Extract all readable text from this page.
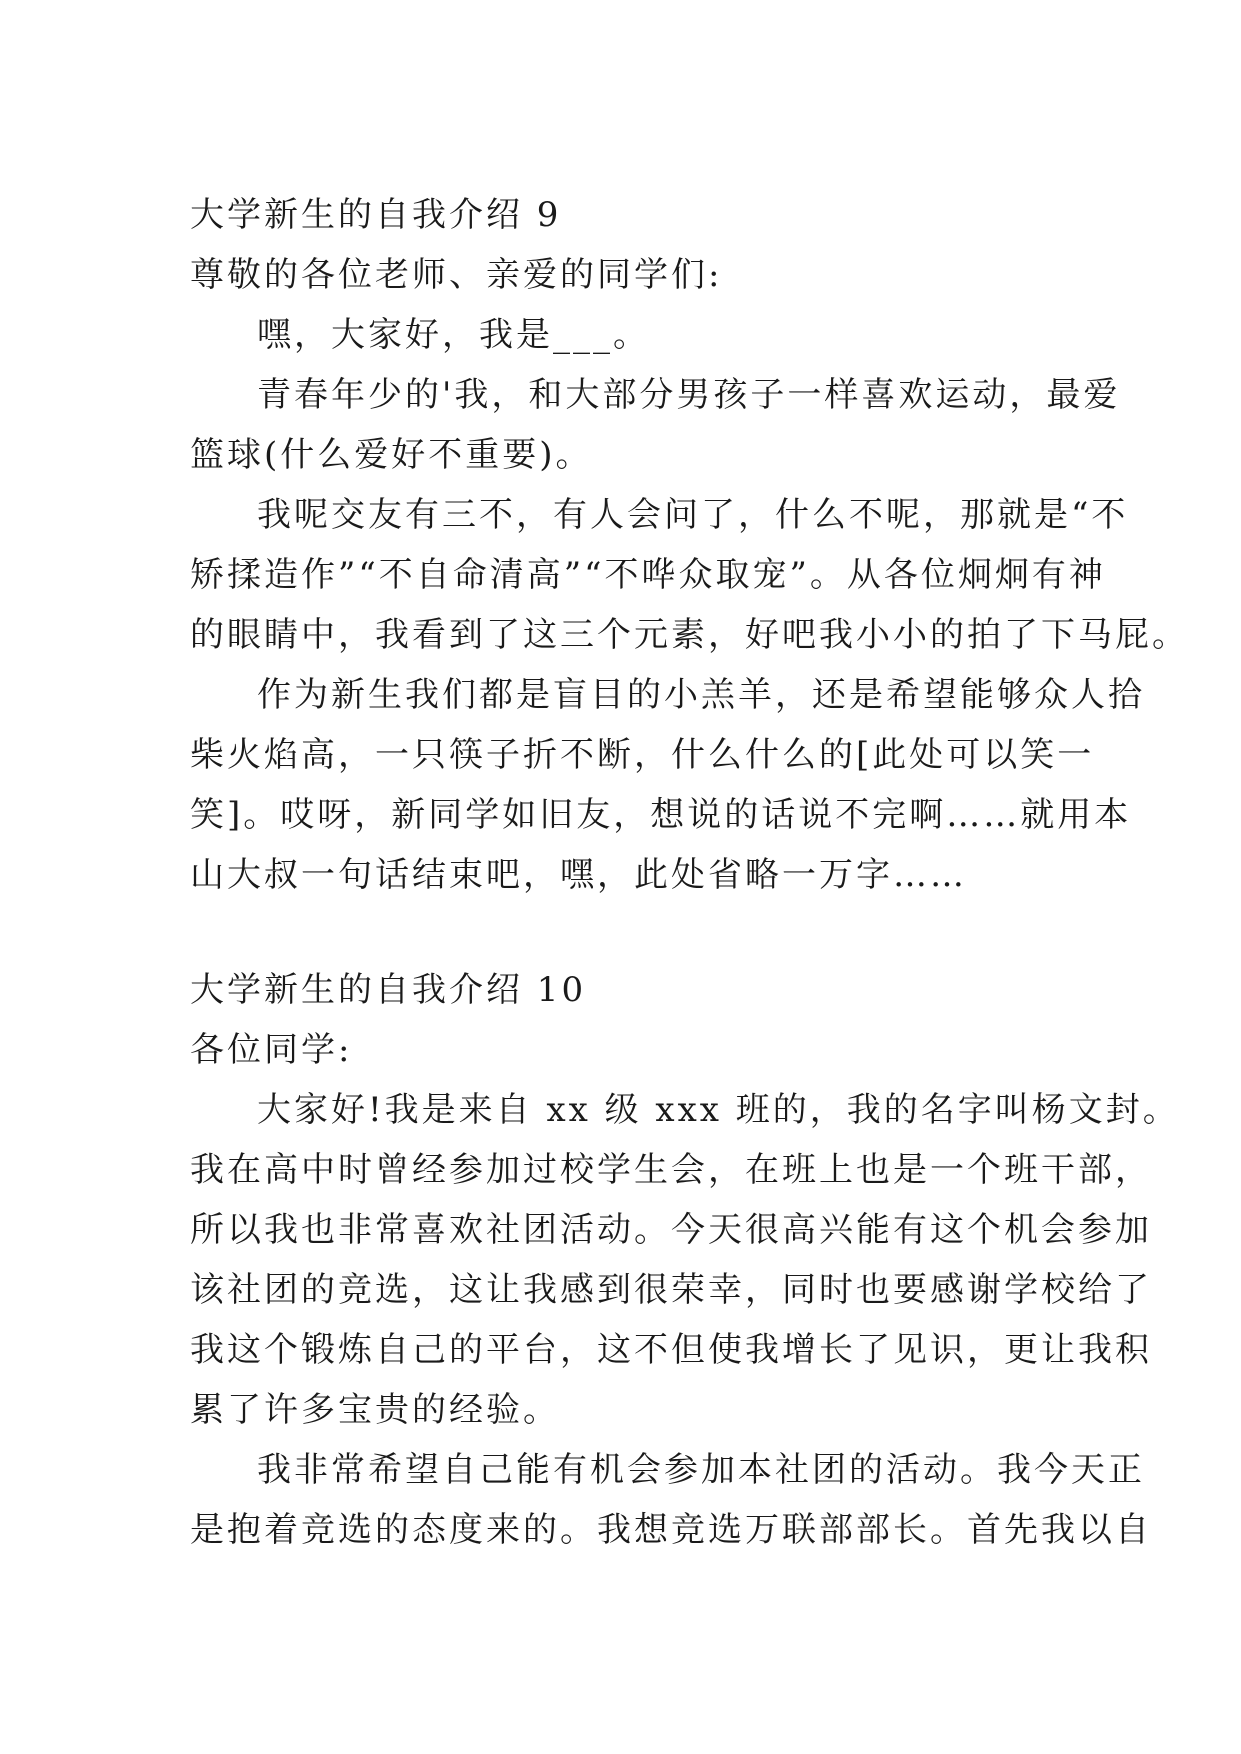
大学新生的自我介绍 9
尊敬的各位老师、亲爱的同学们:
嘿，大家好，我是___。
青春年少的'我，和大部分男孩子一样喜欢运动，最爱
篮球(什么爱好不重要)。
我呢交友有三不，有人会问了，什么不呢，那就是“不
矫揉造作”“不自命清高”“不哗众取宠”。从各位炯炯有神
的眼睛中，我看到了这三个元素，好吧我小小的拍了下马屁。
作为新生我们都是盲目的小羔羊，还是希望能够众人拾
柴火焰高，一只筷子折不断，什么什么的[此处可以笑一
笑]。哎呀，新同学如旧友，想说的话说不完啊……就用本
山大叔一句话结束吧，嘿，此处省略一万字……
大学新生的自我介绍 10
各位同学:
大家好!我是来自 xx 级 xxx 班的，我的名字叫杨文封。
我在高中时曾经参加过校学生会，在班上也是一个班干部，
所以我也非常喜欢社团活动。今天很高兴能有这个机会参加
该社团的竞选，这让我感到很荣幸，同时也要感谢学校给了
我这个锻炼自己的平台，这不但使我增长了见识，更让我积
累了许多宝贵的经验。
我非常希望自己能有机会参加本社团的活动。我今天正
是抱着竞选的态度来的。我想竞选万联部部长。首先我以自
